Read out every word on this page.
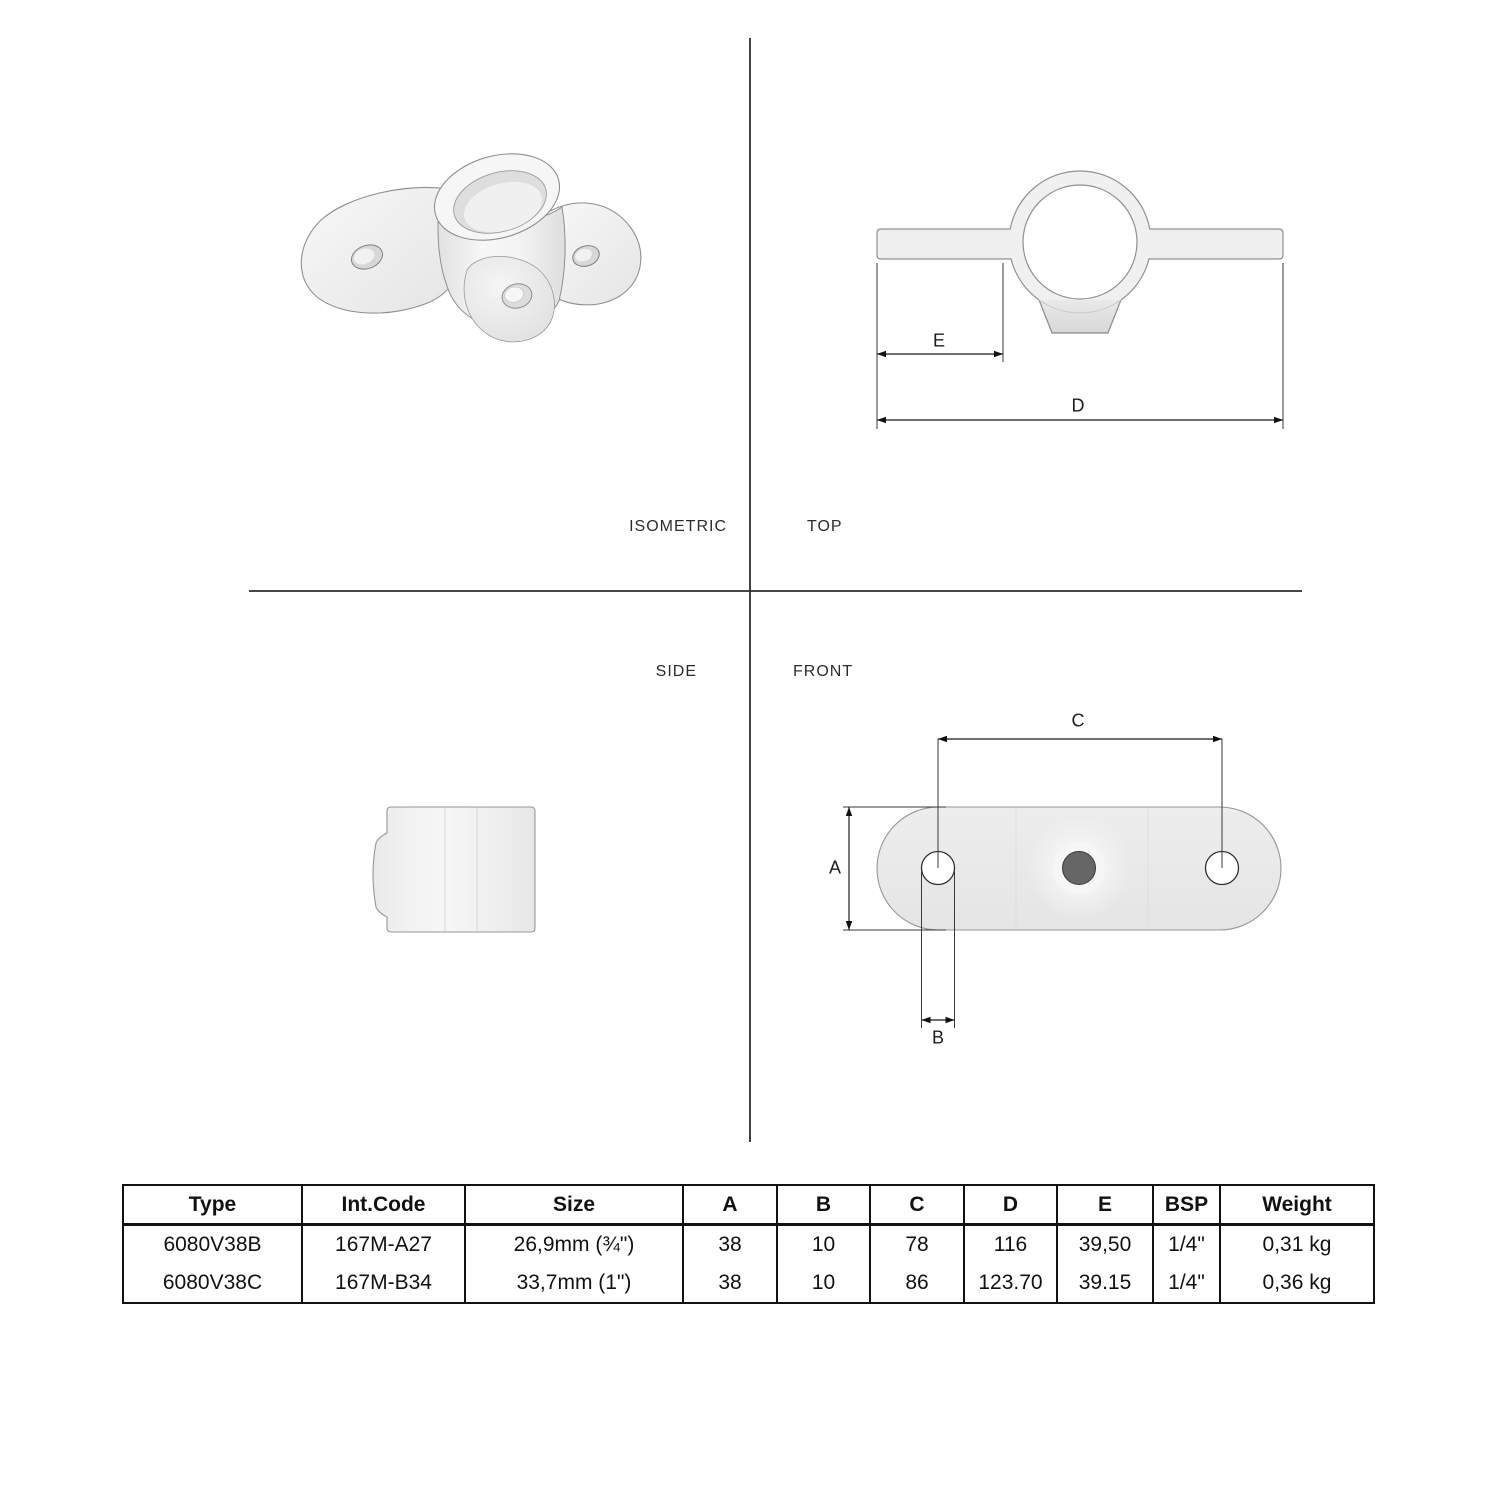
ISOMETRIC	TOP
SIDE	FRONT
E
D
C
A
B
Type	Int.Code	Size	A	B	C	D	E	BSP	Weight
6080V38B	167M-A27	26,9mm (¾")	38	10	78	116	39,50	1/4"	0,31 kg
6080V38C	167M-B34	33,7mm (1")	38	10	86	123.70	39.15	1/4"	0,36 kg
